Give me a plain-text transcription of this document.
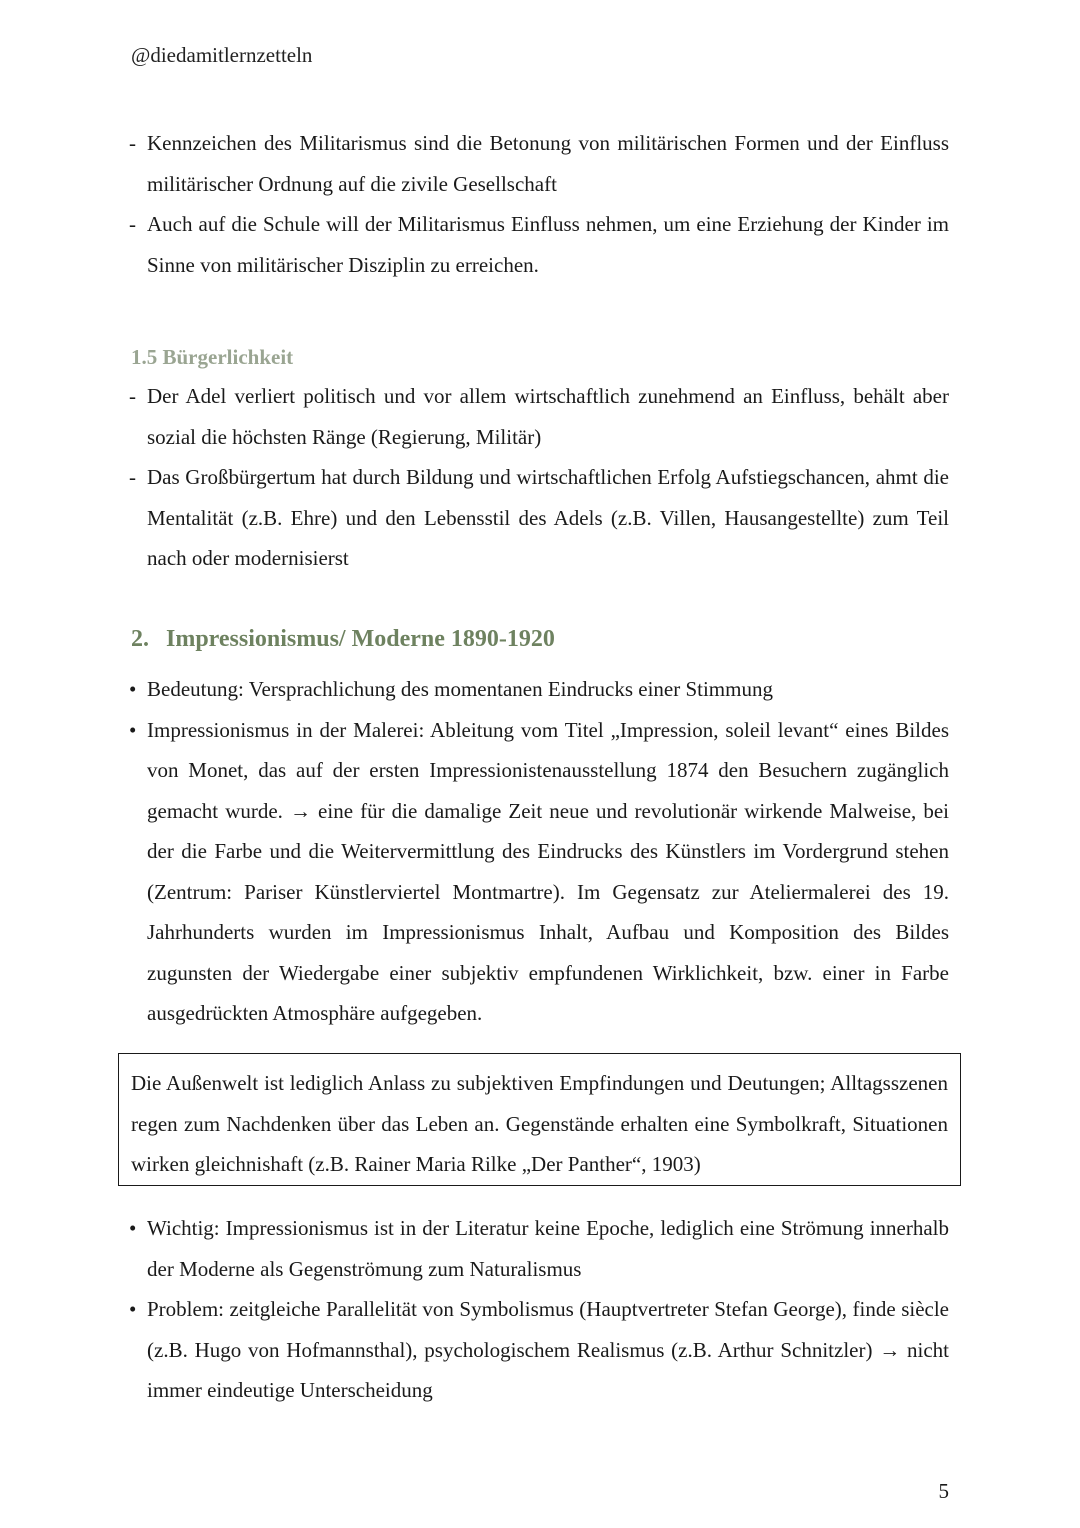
@diedamitlernzetteln
- Kennzeichen des Militarismus sind die Betonung von militärischen Formen und der Einfluss militärischer Ordnung auf die zivile Gesellschaft
- Auch auf die Schule will der Militarismus Einfluss nehmen, um eine Erziehung der Kinder im Sinne von militärischer Disziplin zu erreichen.
1.5 Bürgerlichkeit
- Der Adel verliert politisch und vor allem wirtschaftlich zunehmend an Einfluss, behält aber sozial die höchsten Ränge (Regierung, Militär)
- Das Großbürgertum hat durch Bildung und wirtschaftlichen Erfolg Aufstiegschancen, ahmt die Mentalität (z.B. Ehre) und den Lebensstil des Adels (z.B. Villen, Hausangestellte) zum Teil nach oder modernisierst
2. Impressionismus/ Moderne 1890-1920
• Bedeutung: Versprachlichung des momentanen Eindrucks einer Stimmung
• Impressionismus in der Malerei: Ableitung vom Titel „Impression, soleil levant“ eines Bildes von Monet, das auf der ersten Impressionistenausstellung 1874 den Besuchern zugänglich gemacht wurde. → eine für die damalige Zeit neue und revolutionär wirkende Malweise, bei der die Farbe und die Weitervermittlung des Eindrucks des Künstlers im Vordergrund stehen (Zentrum: Pariser Künstlerviertel Montmartre). Im Gegensatz zur Ateliermalerei des 19. Jahrhunderts wurden im Impressionismus Inhalt, Aufbau und Komposition des Bildes zugunsten der Wiedergabe einer subjektiv empfundenen Wirklichkeit, bzw. einer in Farbe ausgedrückten Atmosphäre aufgegeben.
Die Außenwelt ist lediglich Anlass zu subjektiven Empfindungen und Deutungen; Alltagsszenen regen zum Nachdenken über das Leben an. Gegenstände erhalten eine Symbolkraft, Situationen wirken gleichnishaft (z.B. Rainer Maria Rilke „Der Panther“, 1903)
• Wichtig: Impressionismus ist in der Literatur keine Epoche, lediglich eine Strömung innerhalb der Moderne als Gegenströmung zum Naturalismus
• Problem: zeitgleiche Parallelität von Symbolismus (Hauptvertreter Stefan George), finde siècle (z.B. Hugo von Hofmannsthal), psychologischem Realismus (z.B. Arthur Schnitzler) → nicht immer eindeutige Unterscheidung
5
